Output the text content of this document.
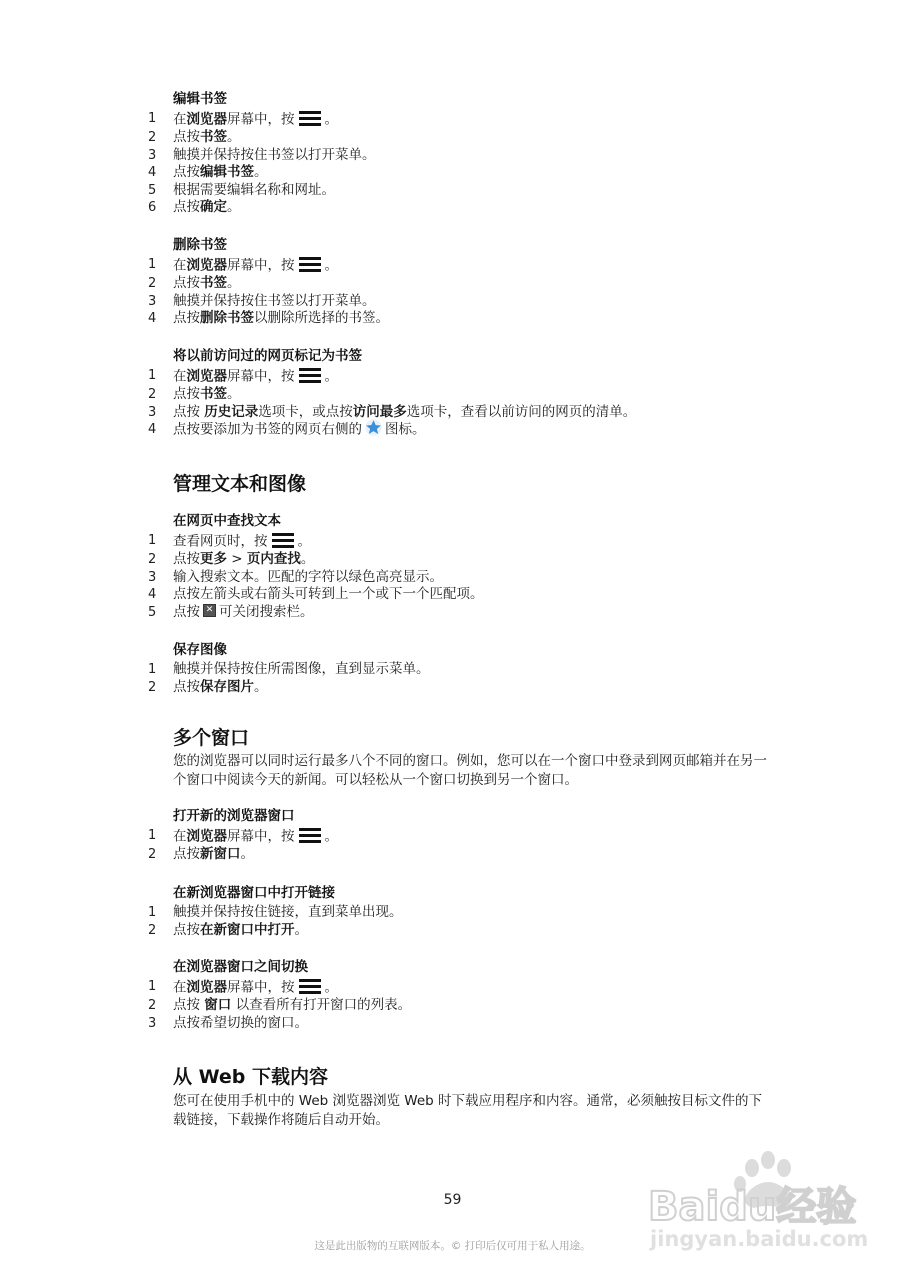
编辑书签
1	在浏览器屏幕中，按 。
2	点按书签。
3	触摸并保持按住书签以打开菜单。
4	点按编辑书签。
5	根据需要编辑名称和网址。
6	点按确定。
删除书签
1	在浏览器屏幕中，按 。
2	点按书签。
3	触摸并保持按住书签以打开菜单。
4	点按删除书签以删除所选择的书签。
将以前访问过的网页标记为书签
1	在浏览器屏幕中，按 。
2	点按书签。
3	点按 历史记录选项卡，或点按访问最多选项卡，查看以前访问的网页的清单。
4	点按要添加为书签的网页右侧的 图标。
管理文本和图像
在网页中查找文本
1	查看网页时，按 。
2	点按更多 > 页内查找。
3	输入搜索文本。匹配的字符以绿色高亮显示。
4	点按左箭头或右箭头可转到上一个或下一个匹配项。
5	点按 ✕ 可关闭搜索栏。
保存图像
1	触摸并保持按住所需图像，直到显示菜单。
2	点按保存图片。
多个窗口
您的浏览器可以同时运行最多八个不同的窗口。例如，您可以在一个窗口中登录到网页邮箱并在另一个窗口中阅读今天的新闻。可以轻松从一个窗口切换到另一个窗口。
打开新的浏览器窗口
1	在浏览器屏幕中，按 。
2	点按新窗口。
在新浏览器窗口中打开链接
1	触摸并保持按住链接，直到菜单出现。
2	点按在新窗口中打开。
在浏览器窗口之间切换
1	在浏览器屏幕中，按 。
2	点按 窗口 以查看所有打开窗口的列表。
3	点按希望切换的窗口。
从 Web 下载内容
您可在使用手机中的 Web 浏览器浏览 Web 时下载应用程序和内容。通常，必须触按目标文件的下载链接，下载操作将随后自动开始。
59
这是此出版物的互联网版本。© 打印后仅可用于私人用途。
Baidu经验
jingyan.baidu.com
